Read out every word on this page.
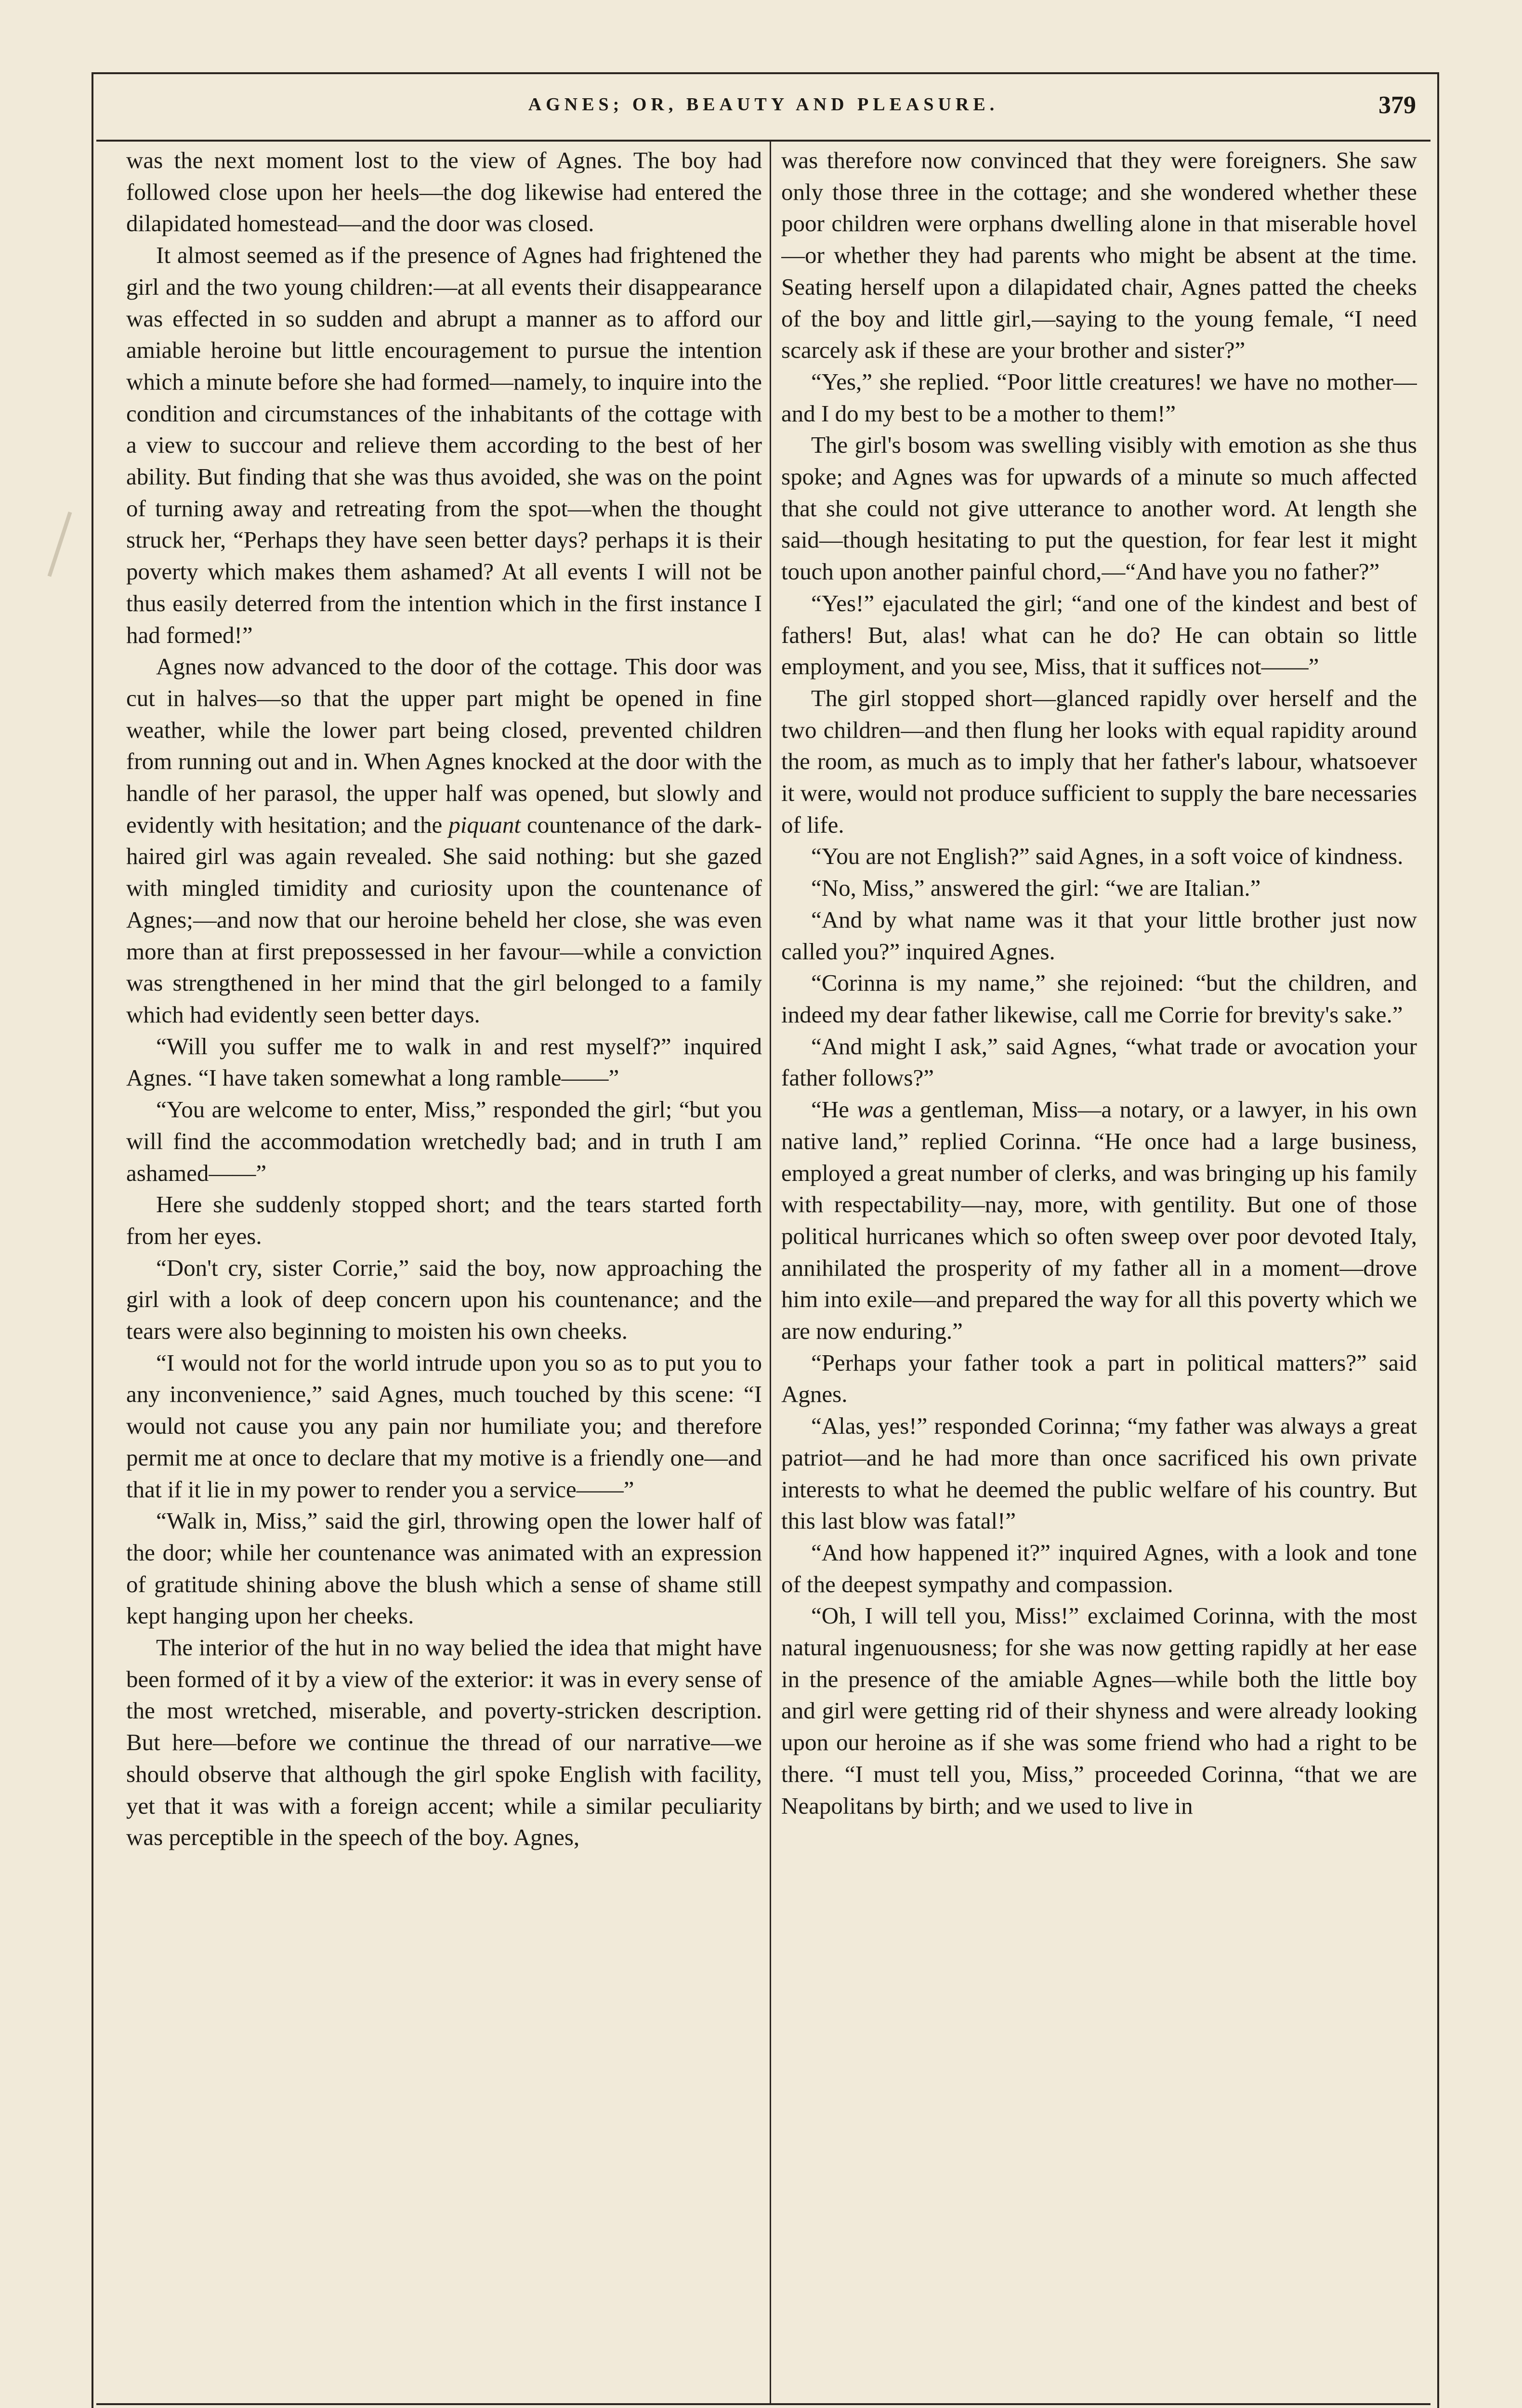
AGNES; OR, BEAUTY AND PLEASURE.	379

was the next moment lost to the view of Agnes. The boy had followed close upon her heels—the dog likewise had entered the dilapidated homestead—and the door was closed.

It almost seemed as if the presence of Agnes had frightened the girl and the two young children:—at all events their disappearance was effected in so sudden and abrupt a manner as to afford our amiable heroine but little encouragement to pursue the intention which a minute before she had formed—namely, to inquire into the condition and circumstances of the inhabitants of the cottage with a view to succour and relieve them according to the best of her ability. But finding that she was thus avoided, she was on the point of turning away and retreating from the spot—when the thought struck her, “Perhaps they have seen better days? perhaps it is their poverty which makes them ashamed? At all events I will not be thus easily deterred from the intention which in the first instance I had formed!”

Agnes now advanced to the door of the cottage. This door was cut in halves—so that the upper part might be opened in fine weather, while the lower part being closed, prevented children from running out and in. When Agnes knocked at the door with the handle of her parasol, the upper half was opened, but slowly and evidently with hesitation; and the piquant countenance of the dark-haired girl was again revealed. She said nothing: but she gazed with mingled timidity and curiosity upon the countenance of Agnes;—and now that our heroine beheld her close, she was even more than at first prepossessed in her favour—while a conviction was strengthened in her mind that the girl belonged to a family which had evidently seen better days.

“Will you suffer me to walk in and rest myself?” inquired Agnes. “I have taken somewhat a long ramble——”

“You are welcome to enter, Miss,” responded the girl; “but you will find the accommodation wretchedly bad; and in truth I am ashamed——”

Here she suddenly stopped short; and the tears started forth from her eyes.

“Don't cry, sister Corrie,” said the boy, now approaching the girl with a look of deep concern upon his countenance; and the tears were also beginning to moisten his own cheeks.

“I would not for the world intrude upon you so as to put you to any inconvenience,” said Agnes, much touched by this scene: “I would not cause you any pain nor humiliate you; and therefore permit me at once to declare that my motive is a friendly one—and that if it lie in my power to render you a service——”

“Walk in, Miss,” said the girl, throwing open the lower half of the door; while her countenance was animated with an expression of gratitude shining above the blush which a sense of shame still kept hanging upon her cheeks.

The interior of the hut in no way belied the idea that might have been formed of it by a view of the exterior: it was in every sense of the most wretched, miserable, and poverty-stricken description. But here—before we continue the thread of our narrative—we should observe that although the girl spoke English with facility, yet that it was with a foreign accent; while a similar peculiarity was perceptible in the speech of the boy. Agnes,

was therefore now convinced that they were foreigners. She saw only those three in the cottage; and she wondered whether these poor children were orphans dwelling alone in that miserable hovel—or whether they had parents who might be absent at the time. Seating herself upon a dilapidated chair, Agnes patted the cheeks of the boy and little girl,—saying to the young female, “I need scarcely ask if these are your brother and sister?”

“Yes,” she replied. “Poor little creatures! we have no mother—and I do my best to be a mother to them!”

The girl's bosom was swelling visibly with emotion as she thus spoke; and Agnes was for upwards of a minute so much affected that she could not give utterance to another word. At length she said—though hesitating to put the question, for fear lest it might touch upon another painful chord,—“And have you no father?”

“Yes!” ejaculated the girl; “and one of the kindest and best of fathers! But, alas! what can he do? He can obtain so little employment, and you see, Miss, that it suffices not——”

The girl stopped short—glanced rapidly over herself and the two children—and then flung her looks with equal rapidity around the room, as much as to imply that her father's labour, whatsoever it were, would not produce sufficient to supply the bare necessaries of life.

“You are not English?” said Agnes, in a soft voice of kindness.

“No, Miss,” answered the girl: “we are Italian.”

“And by what name was it that your little brother just now called you?” inquired Agnes.

“Corinna is my name,” she rejoined: “but the children, and indeed my dear father likewise, call me Corrie for brevity's sake.”

“And might I ask,” said Agnes, “what trade or avocation your father follows?”

“He was a gentleman, Miss—a notary, or a lawyer, in his own native land,” replied Corinna. “He once had a large business, employed a great number of clerks, and was bringing up his family with respectability—nay, more, with gentility. But one of those political hurricanes which so often sweep over poor devoted Italy, annihilated the prosperity of my father all in a moment—drove him into exile—and prepared the way for all this poverty which we are now enduring.”

“Perhaps your father took a part in political matters?” said Agnes.

“Alas, yes!” responded Corinna; “my father was always a great patriot—and he had more than once sacrificed his own private interests to what he deemed the public welfare of his country. But this last blow was fatal!”

“And how happened it?” inquired Agnes, with a look and tone of the deepest sympathy and compassion.

“Oh, I will tell you, Miss!” exclaimed Corinna, with the most natural ingenuousness; for she was now getting rapidly at her ease in the presence of the amiable Agnes—while both the little boy and girl were getting rid of their shyness and were already looking upon our heroine as if she was some friend who had a right to be there. “I must tell you, Miss,” proceeded Corinna, “that we are Neapolitans by birth; and we used to live in
